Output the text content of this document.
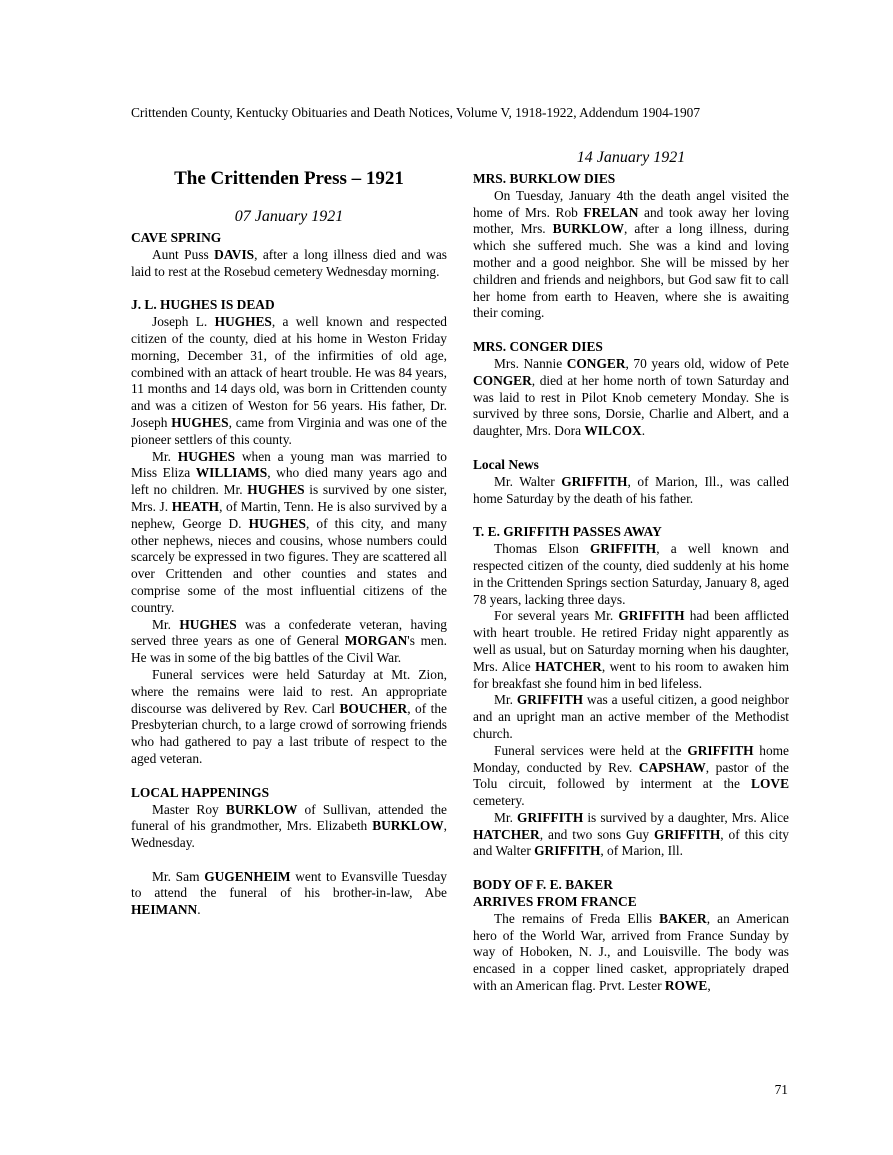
Crittenden County, Kentucky Obituaries and Death Notices, Volume V, 1918-1922, Addendum 1904-1907
The Crittenden Press – 1921
07 January 1921
CAVE SPRING

Aunt Puss DAVIS, after a long illness died and was laid to rest at the Rosebud cemetery Wednesday morning.

J. L. HUGHES IS DEAD

Joseph L. HUGHES, a well known and respected citizen of the county, died at his home in Weston Friday morning, December 31, of the infirmities of old age, combined with an attack of heart trouble. He was 84 years, 11 months and 14 days old, was born in Crittenden county and was a citizen of Weston for 56 years. His father, Dr. Joseph HUGHES, came from Virginia and was one of the pioneer settlers of this county.

Mr. HUGHES when a young man was married to Miss Eliza WILLIAMS, who died many years ago and left no children. Mr. HUGHES is survived by one sister, Mrs. J. HEATH, of Martin, Tenn. He is also survived by a nephew, George D. HUGHES, of this city, and many other nephews, nieces and cousins, whose numbers could scarcely be expressed in two figures. They are scattered all over Crittenden and other counties and states and comprise some of the most influential citizens of the country.

Mr. HUGHES was a confederate veteran, having served three years as one of General MORGAN's men. He was in some of the big battles of the Civil War.

Funeral services were held Saturday at Mt. Zion, where the remains were laid to rest. An appropriate discourse was delivered by Rev. Carl BOUCHER, of the Presbyterian church, to a large crowd of sorrowing friends who had gathered to pay a last tribute of respect to the aged veteran.

LOCAL HAPPENINGS

Master Roy BURKLOW of Sullivan, attended the funeral of his grandmother, Mrs. Elizabeth BURKLOW, Wednesday.

Mr. Sam GUGENHEIM went to Evansville Tuesday to attend the funeral of his brother-in-law, Abe HEIMANN.

14 January 1921
MRS. BURKLOW DIES

On Tuesday, January 4th the death angel visited the home of Mrs. Rob FRELAN and took away her loving mother, Mrs. BURKLOW, after a long illness, during which she suffered much. She was a kind and loving mother and a good neighbor. She will be missed by her children and friends and neighbors, but God saw fit to call her home from earth to Heaven, where she is awaiting their coming.

MRS. CONGER DIES

Mrs. Nannie CONGER, 70 years old, widow of Pete CONGER, died at her home north of town Saturday and was laid to rest in Pilot Knob cemetery Monday. She is survived by three sons, Dorsie, Charlie and Albert, and a daughter, Mrs. Dora WILCOX.

Local News

Mr. Walter GRIFFITH, of Marion, Ill., was called home Saturday by the death of his father.

T. E. GRIFFITH PASSES AWAY

Thomas Elson GRIFFITH, a well known and respected citizen of the county, died suddenly at his home in the Crittenden Springs section Saturday, January 8, aged 78 years, lacking three days.

For several years Mr. GRIFFITH had been afflicted with heart trouble. He retired Friday night apparently as well as usual, but on Saturday morning when his daughter, Mrs. Alice HATCHER, went to his room to awaken him for breakfast she found him in bed lifeless.

Mr. GRIFFITH was a useful citizen, a good neighbor and an upright man an active member of the Methodist church.

Funeral services were held at the GRIFFITH home Monday, conducted by Rev. CAPSHAW, pastor of the Tolu circuit, followed by interment at the LOVE cemetery.

Mr. GRIFFITH is survived by a daughter, Mrs. Alice HATCHER, and two sons Guy GRIFFITH, of this city and Walter GRIFFITH, of Marion, Ill.

BODY OF F. E. BAKER
ARRIVES FROM FRANCE

The remains of Freda Ellis BAKER, an American hero of the World War, arrived from France Sunday by way of Hoboken, N. J., and Louisville. The body was encased in a copper lined casket, appropriately draped with an American flag. Prvt. Lester ROWE,

71
